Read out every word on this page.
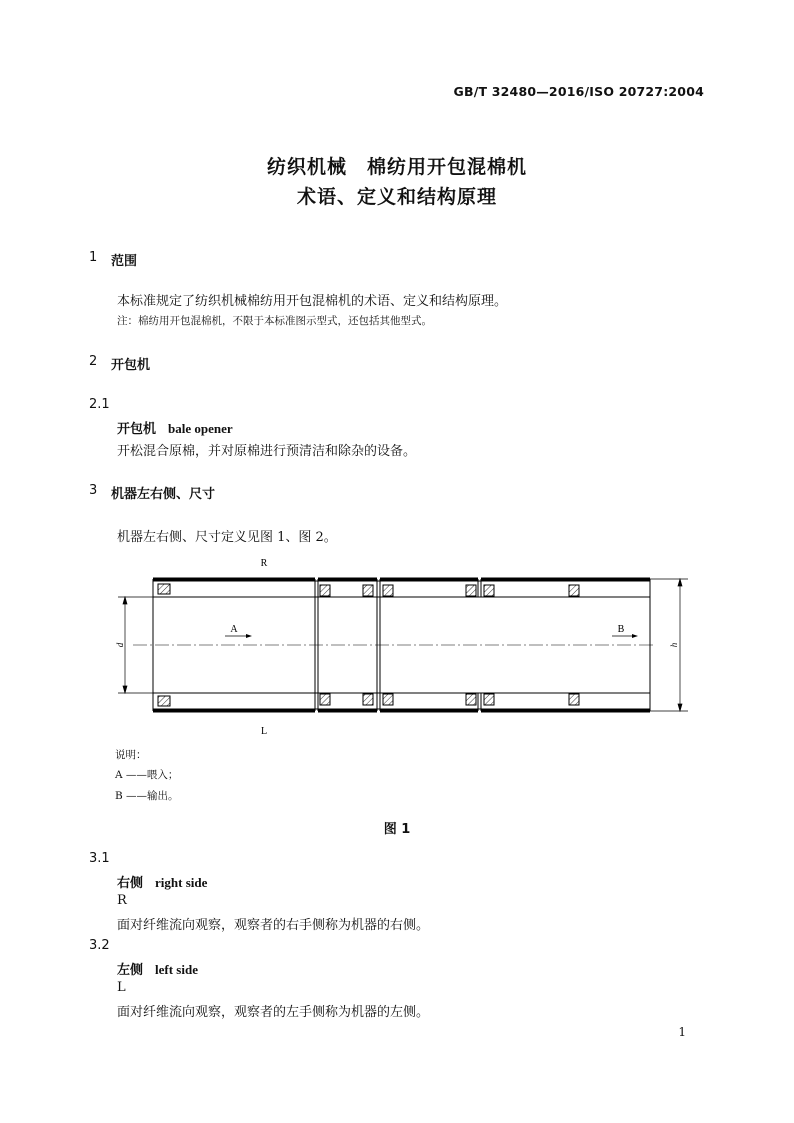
GB/T 32480—2016/ISO 20727:2004
纺织机械　棉纺用开包混棉机
术语、定义和结构原理
1 范围
本标准规定了纺织机械棉纺用开包混棉机的术语、定义和结构原理。
注：棉纺用开包混棉机，不限于本标准图示型式，还包括其他型式。
2 开包机
2.1
开包机 bale opener
开松混合原棉，并对原棉进行预清洁和除杂的设备。
3 机器左右侧、尺寸
机器左右侧、尺寸定义见图 1、图 2。
R
L
A	B
d	h
说明：
A ——喂入；
B ——输出。
图 1
3.1
右侧 right side
R
面对纤维流向观察，观察者的右手侧称为机器的右侧。
3.2
左侧 left side
L
面对纤维流向观察，观察者的左手侧称为机器的左侧。
1
